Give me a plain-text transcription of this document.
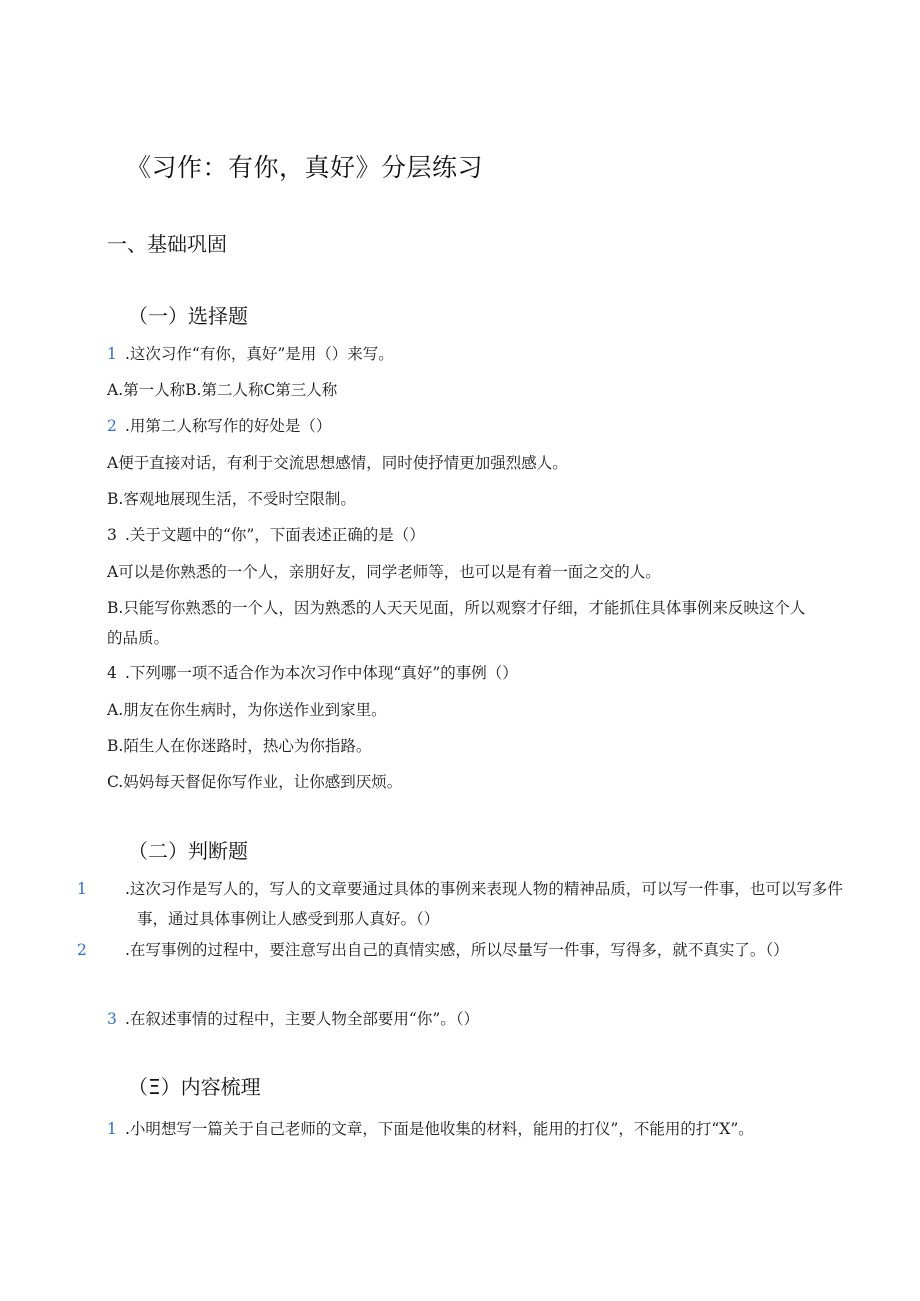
《习作：有你，真好》分层练习
一、基础巩固
（一）选择题
1 .这次习作“有你，真好”是用（）来写。
A.第一人称B.第二人称C第三人称
2 .用第二人称写作的好处是（）
A便于直接对话，有利于交流思想感情，同时使抒情更加强烈感人。
B.客观地展现生活，不受时空限制。
3 .关于文题中的“你”，下面表述正确的是（）
A可以是你熟悉的一个人，亲朋好友，同学老师等，也可以是有着一面之交的人。
B.只能写你熟悉的一个人，因为熟悉的人天天见面，所以观察才仔细，才能抓住具体事例来反映这个人的品质。
4 .下列哪一项不适合作为本次习作中体现“真好”的事例（）
A.朋友在你生病时，为你送作业到家里。
B.陌生人在你迷路时，热心为你指路。
C.妈妈每天督促你写作业，让你感到厌烦。
（二）判断题
1 .这次习作是写人的，写人的文章要通过具体的事例来表现人物的精神品质，可以写一件事，也可以写多件事，通过具体事例让人感受到那人真好。（）
2 .在写事例的过程中，要注意写出自己的真情实感，所以尽量写一件事，写得多，就不真实了。（）
3 .在叙述事情的过程中，主要人物全部要用“你”。（）
（Ξ）内容梳理
1 .小明想写一篇关于自己老师的文章，下面是他收集的材料，能用的打仪”，不能用的打“X”。
